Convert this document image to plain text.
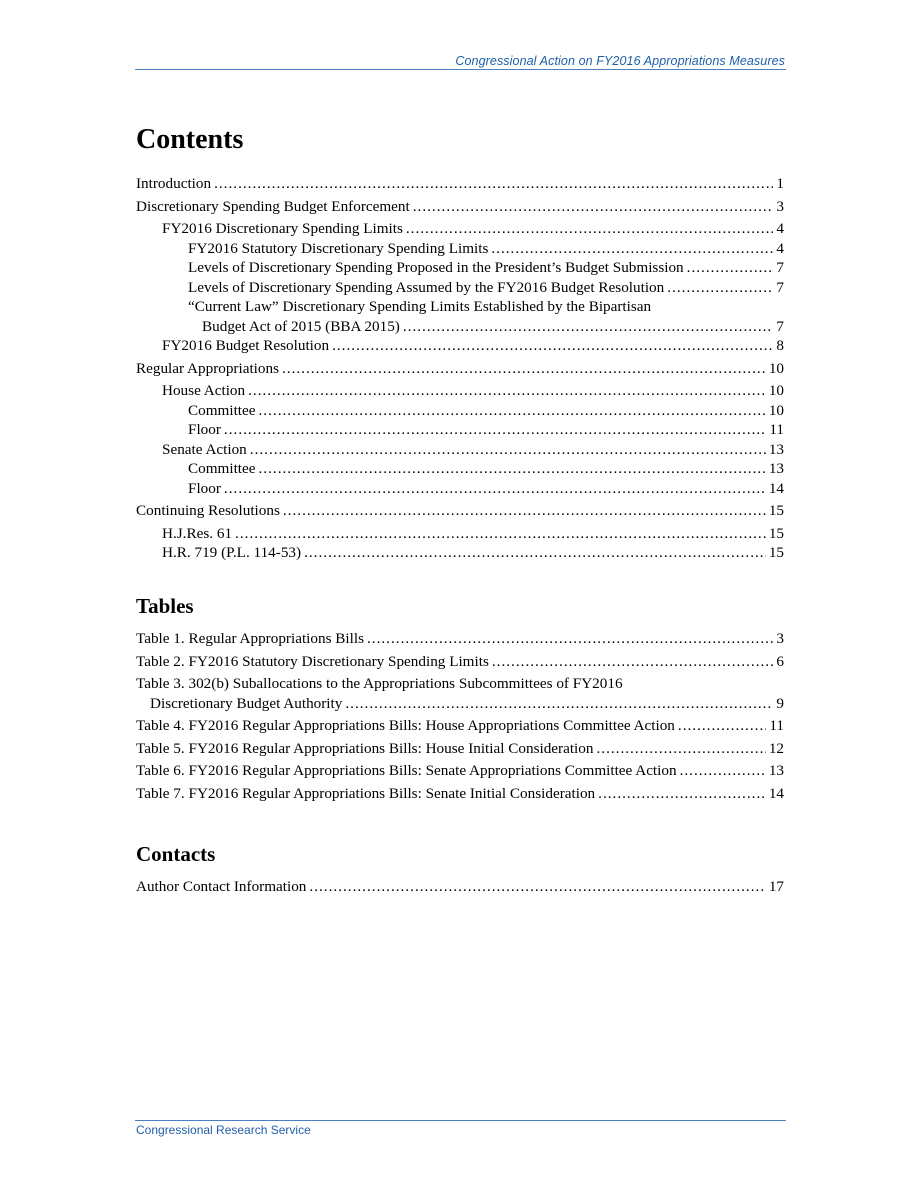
Congressional Action on FY2016 Appropriations Measures
Contents
Introduction .....	1
Discretionary Spending Budget Enforcement .....	3
FY2016 Discretionary Spending Limits .....	4
FY2016 Statutory Discretionary Spending Limits .....	4
Levels of Discretionary Spending Proposed in the President’s Budget Submission .....	7
Levels of Discretionary Spending Assumed by the FY2016 Budget Resolution .....	7
“Current Law” Discretionary Spending Limits Established by the Bipartisan
Budget Act of 2015 (BBA 2015) .....	7
FY2016 Budget Resolution .....	8
Regular Appropriations .....	10
House Action .....	10
Committee .....	10
Floor .....	11
Senate Action .....	13
Committee .....	13
Floor .....	14
Continuing Resolutions .....	15
H.J.Res. 61 .....	15
H.R. 719 (P.L. 114-53) .....	15
Tables
Table 1. Regular Appropriations Bills .....	3
Table 2. FY2016 Statutory Discretionary Spending Limits .....	6
Table 3. 302(b) Suballocations to the Appropriations Subcommittees of FY2016
Discretionary Budget Authority .....	9
Table 4. FY2016 Regular Appropriations Bills: House Appropriations Committee Action .....	11
Table 5. FY2016 Regular Appropriations Bills: House Initial Consideration .....	12
Table 6. FY2016 Regular Appropriations Bills: Senate Appropriations Committee Action .....	13
Table 7. FY2016 Regular Appropriations Bills: Senate Initial Consideration .....	14
Contacts
Author Contact Information .....	17
Congressional Research Service
